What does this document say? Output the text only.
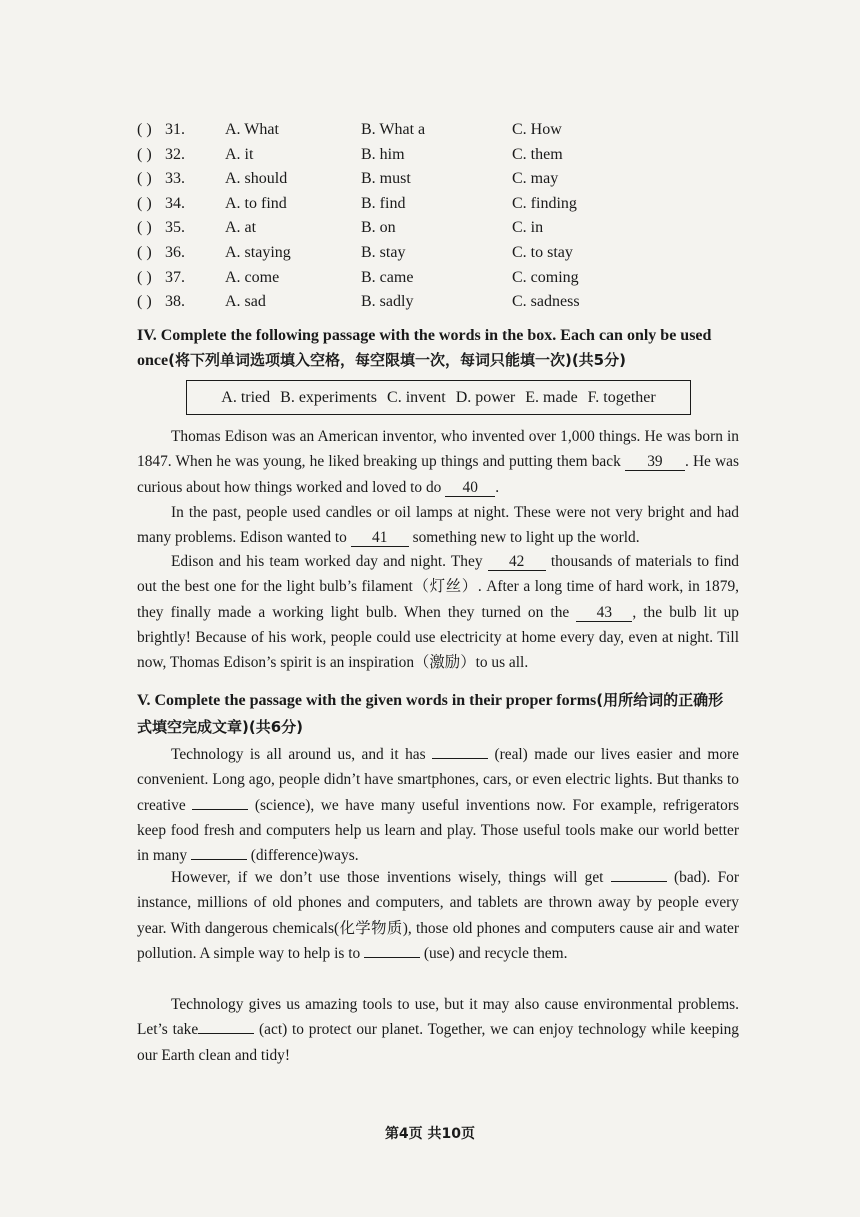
( ) 31.	A. What	B. What a	C. How
( ) 32.	A. it	B. him	C. them
( ) 33.	A. should	B. must	C. may
( ) 34.	A. to find	B. find	C. finding
( ) 35.	A. at	B. on	C. in
( ) 36.	A. staying	B. stay	C. to stay
( ) 37.	A. come	B. came	C. coming
( ) 38.	A. sad	B. sadly	C. sadness
IV. Complete the following passage with the words in the box. Each can only be used once(将下列单词选项填入空格，每空限填一次，每词只能填一次)(共5分)
A. tried B. experiments C. invent D. power E. made F. together
Thomas Edison was an American inventor, who invented over 1,000 things. He was born in 1847. When he was young, he liked breaking up things and putting them back 39 . He was curious about how things worked and loved to do 40 .
In the past, people used candles or oil lamps at night. These were not very bright and had many problems. Edison wanted to 41 something new to light up the world.
Edison and his team worked day and night. They 42 thousands of materials to find out the best one for the light bulb’s filament（灯丝）. After a long time of hard work, in 1879, they finally made a working light bulb. When they turned on the 43 , the bulb lit up brightly! Because of his work, people could use electricity at home every day, even at night. Till now, Thomas Edison’s spirit is an inspiration（激励）to us all.
V. Complete the passage with the given words in their proper forms(用所给词的正确形式填空完成文章)(共6分)
Technology is all around us, and it has	(real) made our lives easier and more convenient. Long ago, people didn’t have smartphones, cars, or even electric lights. But thanks to creative	(science), we have many useful inventions now. For example, refrigerators keep food fresh and computers help us learn and play. Those useful tools make our world better in many	(difference)ways.
However, if we don’t use those inventions wisely, things will get	(bad). For instance, millions of old phones and computers, and tablets are thrown away by people every year. With dangerous chemicals(化学物质), those old phones and computers cause air and water pollution. A simple way to help is to	(use) and recycle them.
Technology gives us amazing tools to use, but it may also cause environmental problems. Let’s take	(act) to protect our planet. Together, we can enjoy technology while keeping our Earth clean and tidy!
第4页 共10页
